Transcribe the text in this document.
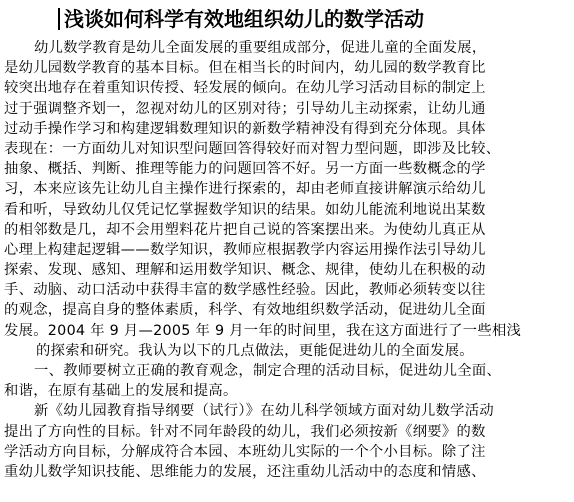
浅谈如何科学有效地组织幼儿的数学活动
幼儿数学教育是幼儿全面发展的重要组成部分，促进儿童的全面发展，
是幼儿园数学教育的基本目标。但在相当长的时间内，幼儿园的数学教育比
较突出地存在着重知识传授、轻发展的倾向。在幼儿学习活动目标的制定上
过于强调整齐划一，忽视对幼儿的区别对待；引导幼儿主动探索，让幼儿通
过动手操作学习和构建逻辑数理知识的新数学精神没有得到充分体现。具体
表现在：一方面幼儿对知识型问题回答得较好而对智力型问题，即涉及比较、
抽象、概括、判断、推理等能力的问题回答不好。另一方面一些数概念的学
习，本来应该先让幼儿自主操作进行探索的，却由老师直接讲解演示给幼儿
看和听，导致幼儿仅凭记忆掌握数学知识的结果。如幼儿能流利地说出某数
的相邻数是几，却不会用塑料花片把自己说的答案摆出来。为使幼儿真正从
心理上构建起逻辑——数学知识，教师应根据教学内容运用操作法引导幼儿
探索、发现、感知、理解和运用数学知识、概念、规律，使幼儿在积极的动
手、动脑、动口活动中获得丰富的数学感性经验。因此，教师必须转变以往
的观念，提高自身的整体素质，科学、有效地组织数学活动，促进幼儿全面
发展。2004 年 9 月—2005 年 9 月一年的时间里，我在这方面进行了一些相浅
的探索和研究。我认为以下的几点做法，更能促进幼儿的全面发展。
一、教师要树立正确的教育观念，制定合理的活动目标，促进幼儿全面、
和谐，在原有基础上的发展和提高。
新《幼儿园教育指导纲要（试行）》在幼儿科学领域方面对幼儿数学活动
提出了方向性的目标。针对不同年龄段的幼儿，我们必须按新《纲要》的数
学活动方向目标，分解成符合本园、本班幼儿实际的一个个小目标。除了注
重幼儿数学知识技能、思维能力的发展，还注重幼儿活动中的态度和情感、
